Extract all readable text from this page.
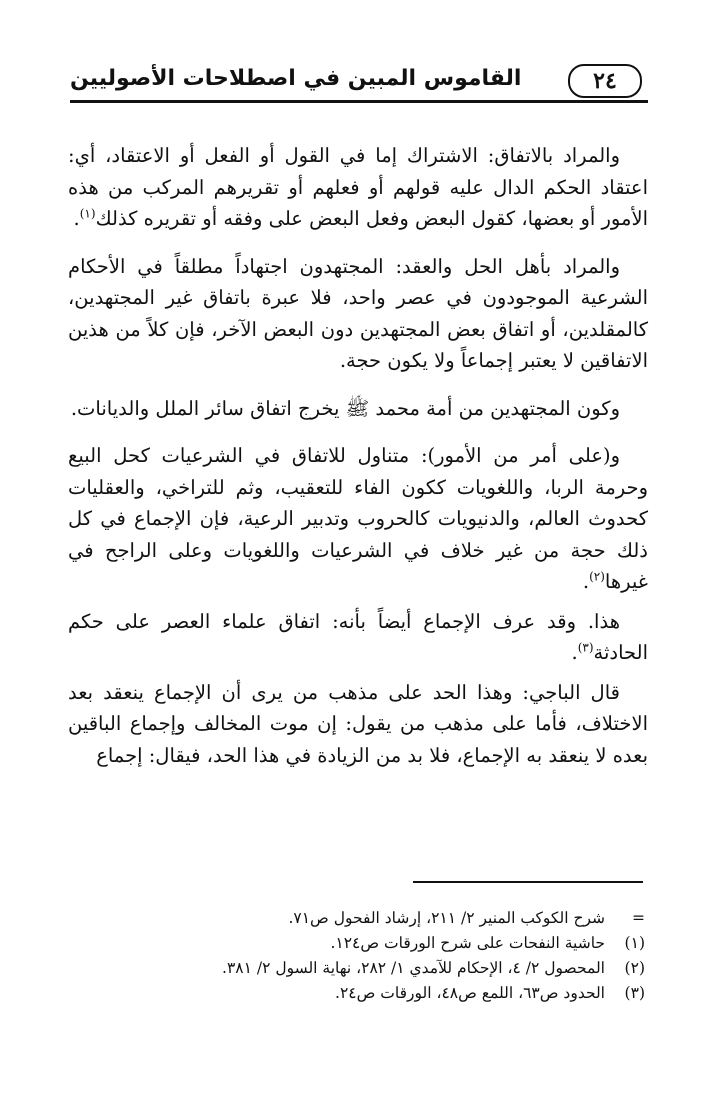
٢٤
القاموس المبين في اصطلاحات الأصوليين

والمراد بالاتفاق: الاشتراك إما في القول أو الفعل أو الاعتقاد، أي: اعتقاد الحكم الدال عليه قولهم أو فعلهم أو تقريرهم المركب من هذه الأمور أو بعضها، كقول البعض وفعل البعض على وفقه أو تقريره كذلك$^{(١)}$.

والمراد بأهل الحل والعقد: المجتهدون اجتهاداً مطلقاً في الأحكام الشرعية الموجودون في عصر واحد، فلا عبرة باتفاق غير المجتهدين، كالمقلدين، أو اتفاق بعض المجتهدين دون البعض الآخر، فإن كلاً من هذين الاتفاقين لا يعتبر إجماعاً ولا يكون حجة.

وكون المجتهدين من أمة محمد ﷺ يخرج اتفاق سائر الملل والديانات.

و(على أمر من الأمور): متناول للاتفاق في الشرعيات كحل البيع وحرمة الربا، واللغويات ككون الفاء للتعقيب، وثم للتراخي، والعقليات كحدوث العالم، والدنيويات كالحروب وتدبير الرعية، فإن الإجماع في كل ذلك حجة من غير خلاف في الشرعيات واللغويات وعلى الراجح في غيرها$^{(٢)}$.

هذا. وقد عرف الإجماع أيضاً بأنه: اتفاق علماء العصر على حكم الحادثة$^{(٣)}$.

قال الباجي: وهذا الحد على مذهب من يرى أن الإجماع ينعقد بعد الاختلاف، فأما على مذهب من يقول: إن موت المخالف وإجماع الباقين بعده لا ينعقد به الإجماع، فلا بد من الزيادة في هذا الحد، فيقال: إجماع

=
شرح الكوكب المنير ٢/ ٢١١، إرشاد الفحول ص٧١.
(١)
حاشية النفحات على شرح الورقات ص١٢٤.
(٢)
المحصول ٢/ ٤، الإحكام للآمدي ١/ ٢٨٢، نهاية السول ٢/ ٣٨١.
(٣)
الحدود ص٦٣، اللمع ص٤٨، الورقات ص٢٤.
